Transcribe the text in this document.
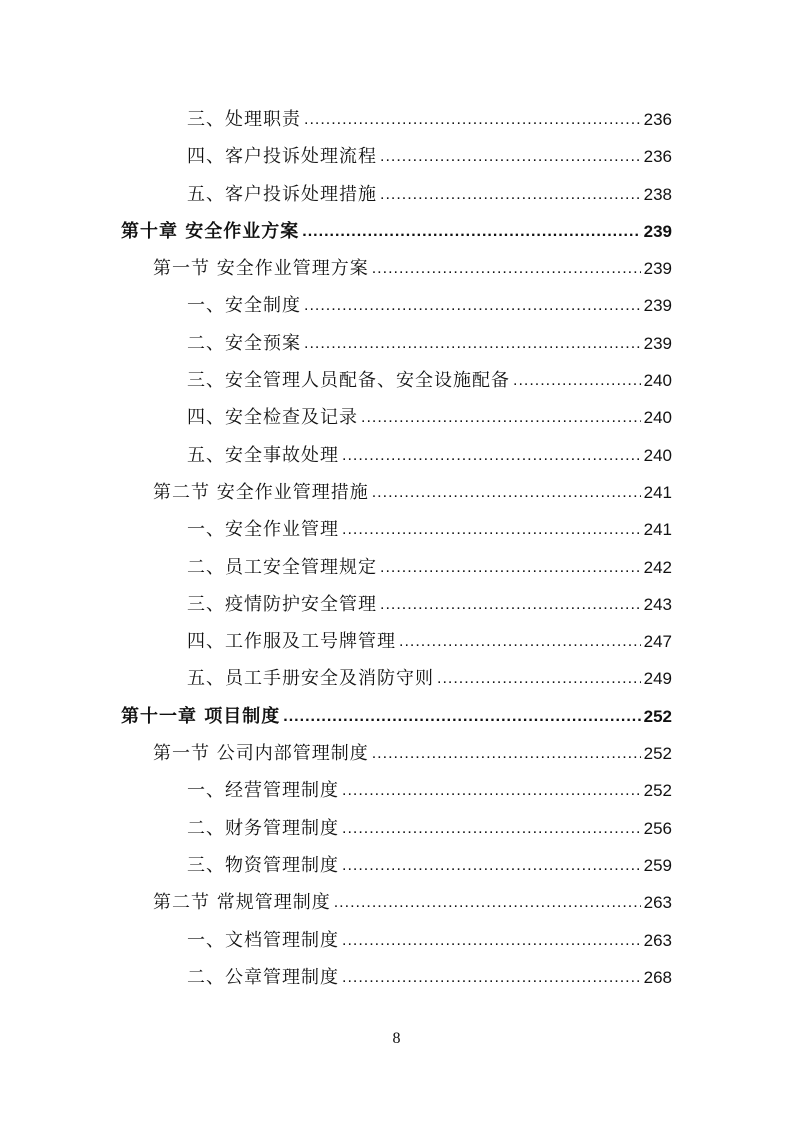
三、处理职责 .....	236
四、客户投诉处理流程 .....	236
五、客户投诉处理措施 .....	238
第十章 安全作业方案 .....	239
第一节 安全作业管理方案 .....	239
一、安全制度 .....	239
二、安全预案 .....	239
三、安全管理人员配备、安全设施配备 .....	240
四、安全检查及记录 .....	240
五、安全事故处理 .....	240
第二节 安全作业管理措施 .....	241
一、安全作业管理 .....	241
二、员工安全管理规定 .....	242
三、疫情防护安全管理 .....	243
四、工作服及工号牌管理 .....	247
五、员工手册安全及消防守则 .....	249
第十一章 项目制度 .....	252
第一节 公司内部管理制度 .....	252
一、经营管理制度 .....	252
二、财务管理制度 .....	256
三、物资管理制度 .....	259
第二节 常规管理制度 .....	263
一、文档管理制度 .....	263
二、公章管理制度 .....	268
8
